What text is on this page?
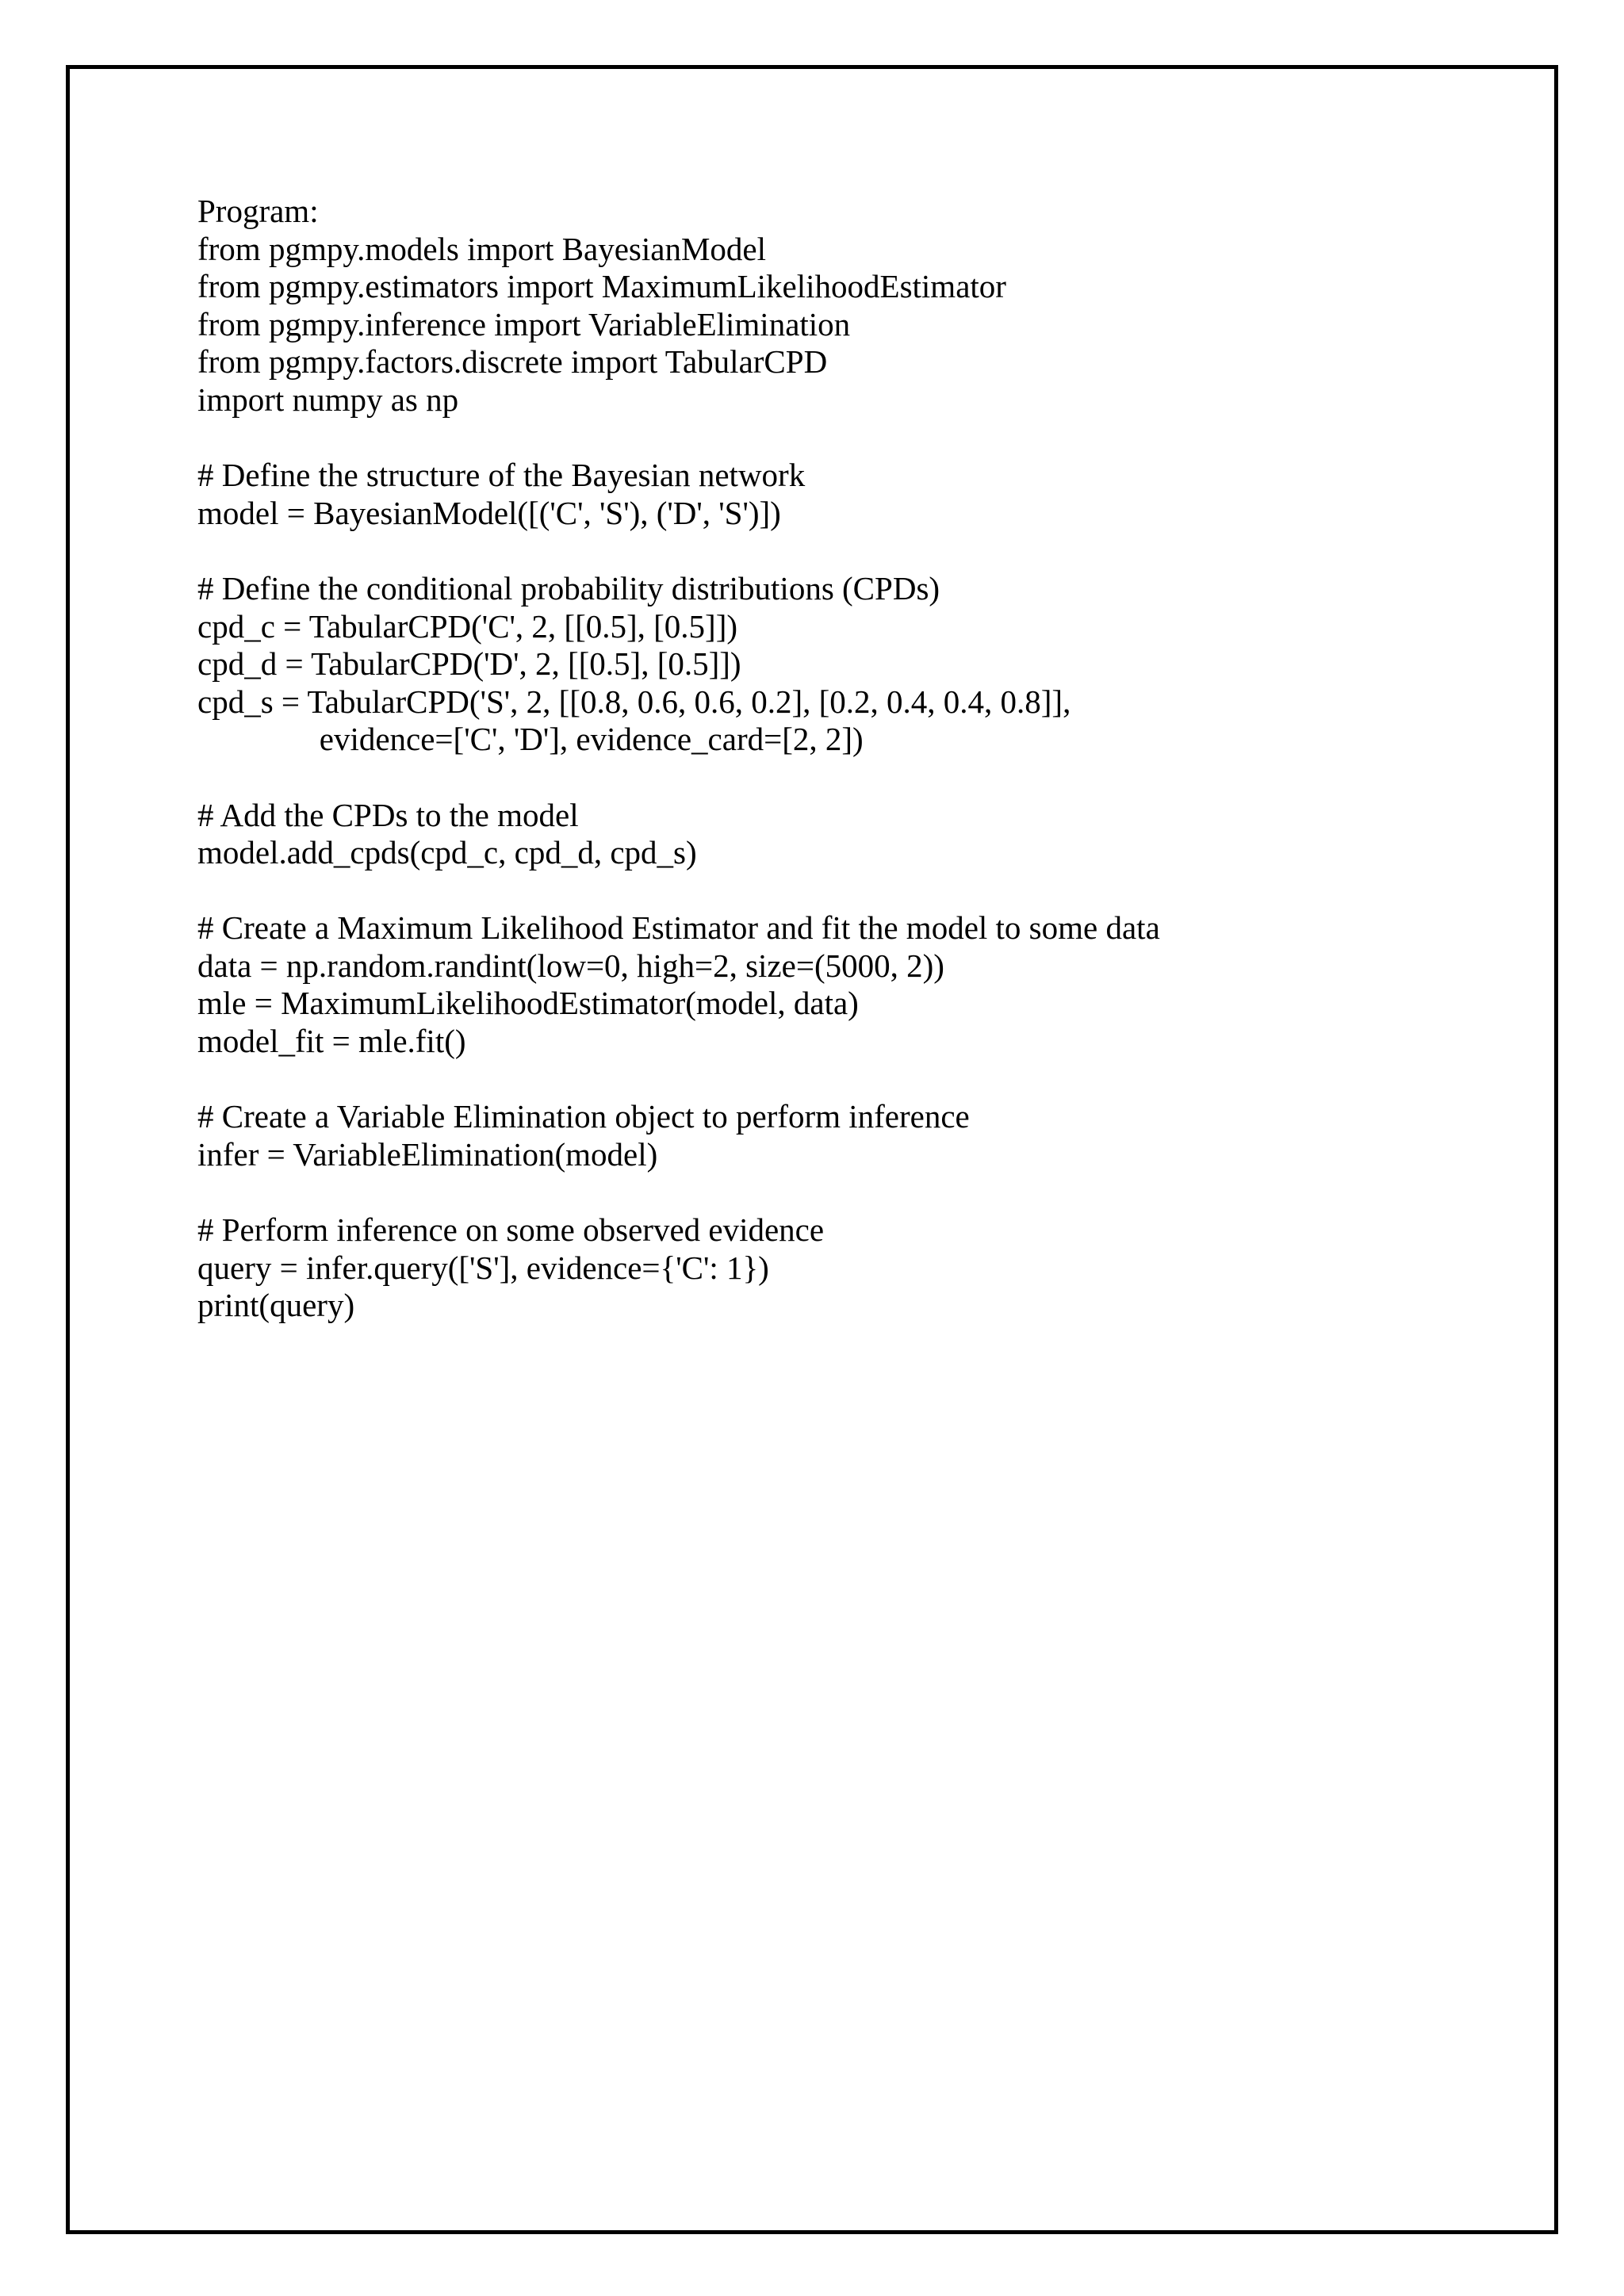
Program:
from pgmpy.models import BayesianModel
from pgmpy.estimators import MaximumLikelihoodEstimator
from pgmpy.inference import VariableElimination
from pgmpy.factors.discrete import TabularCPD
import numpy as np
# Define the structure of the Bayesian network
model = BayesianModel([('C', 'S'), ('D', 'S')])
# Define the conditional probability distributions (CPDs)
cpd_c = TabularCPD('C', 2, [[0.5], [0.5]])
cpd_d = TabularCPD('D', 2, [[0.5], [0.5]])
cpd_s = TabularCPD('S', 2, [[0.8, 0.6, 0.6, 0.2], [0.2, 0.4, 0.4, 0.8]],
evidence=['C', 'D'], evidence_card=[2, 2])
# Add the CPDs to the model
model.add_cpds(cpd_c, cpd_d, cpd_s)
# Create a Maximum Likelihood Estimator and fit the model to some data
data = np.random.randint(low=0, high=2, size=(5000, 2))
mle = MaximumLikelihoodEstimator(model, data)
model_fit = mle.fit()
# Create a Variable Elimination object to perform inference
infer = VariableElimination(model)
# Perform inference on some observed evidence
query = infer.query(['S'], evidence={'C': 1})
print(query)
